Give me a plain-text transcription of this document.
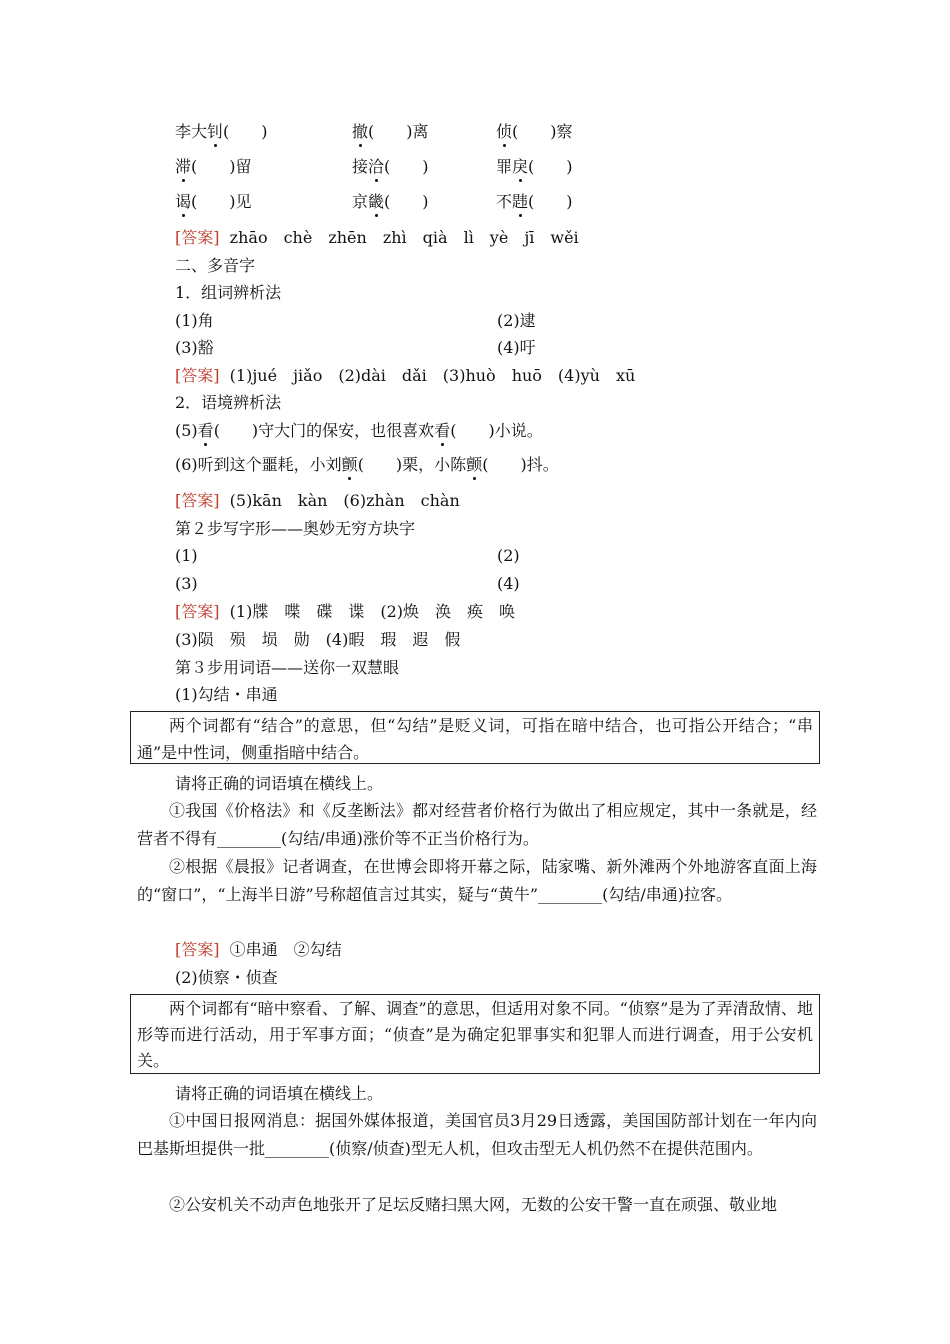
李大钊(　　)	撤(　　)离	侦(　　)察
滞(　　)留	接洽(　　)	罪戾(　　)
谒(　　)见	京畿(　　)	不韪(　　)
[答案] zhāo　chè　zhēn　zhì　qià　lì　yè　jī　wěi
二、多音字
1．组词辨析法
(1)角	(2)逮
(3)豁	(4)吁
[答案] (1)jué　jiǎo　(2)dài　dǎi　(3)huò　huō　(4)yù　xū
2．语境辨析法
(5)看(　　)守大门的保安，也很喜欢看(　　)小说。
(6)听到这个噩耗，小刘颤(　　)栗，小陈颤(　　)抖。
[答案] (5)kān　kàn　(6)zhàn　chàn
第２步写字形——奥妙无穷方块字
(1)	(2)
(3)	(4)
[答案] (1)牒　喋　碟　谍　(2)焕　涣　痪　唤
(3)陨　殒　埙　勋　(4)暇　瑕　遐　假
第３步用词语——送你一双慧眼
(1)勾结・串通
两个词都有“结合”的意思，但“勾结”是贬义词，可指在暗中结合，也可指公开结合；“串通”是中性词，侧重指暗中结合。
请将正确的词语填在横线上。
①我国《价格法》和《反垄断法》都对经营者价格行为做出了相应规定，其中一条就是，经营者不得有________(勾结/串通)涨价等不正当价格行为。
②根据《晨报》记者调查，在世博会即将开幕之际，陆家嘴、新外滩两个外地游客直面上海的“窗口”，“上海半日游”号称超值言过其实，疑与“黄牛”________(勾结/串通)拉客。
[答案] ①串通　②勾结
(2)侦察・侦查
两个词都有“暗中察看、了解、调查”的意思，但适用对象不同。“侦察”是为了弄清敌情、地形等而进行活动，用于军事方面；“侦查”是为确定犯罪事实和犯罪人而进行调查，用于公安机关。
请将正确的词语填在横线上。
①中国日报网消息：据国外媒体报道，美国官员3月29日透露，美国国防部计划在一年内向巴基斯坦提供一批________(侦察/侦查)型无人机，但攻击型无人机仍然不在提供范围内。
②公安机关不动声色地张开了足坛反赌扫黑大网，无数的公安干警一直在顽强、敬业地
